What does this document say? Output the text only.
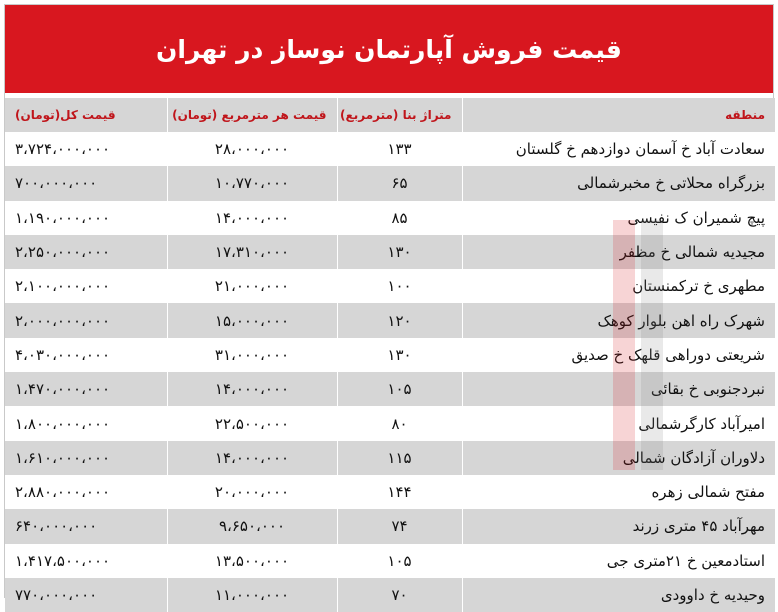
قیمت فروش آپارتمان نوساز در تهران
قیمت کل(تومان)	قیمت هر مترمربع (تومان)	متراژ بنا (مترمربع)	منطقه
۳،۷۲۴،۰۰۰،۰۰۰	۲۸،۰۰۰،۰۰۰	۱۳۳	سعادت آباد خ آسمان دوازدهم خ گلستان
۷۰۰،۰۰۰،۰۰۰	۱۰،۷۷۰،۰۰۰	۶۵	بزرگراه محلاتی خ مخبرشمالی
۱،۱۹۰،۰۰۰،۰۰۰	۱۴،۰۰۰،۰۰۰	۸۵	پیچ شمیران ک نفیسی
۲،۲۵۰،۰۰۰،۰۰۰	۱۷،۳۱۰،۰۰۰	۱۳۰	مجیدیه شمالی خ مظفر
۲،۱۰۰،۰۰۰،۰۰۰	۲۱،۰۰۰،۰۰۰	۱۰۰	مطهری خ ترکمنستان
۲،۰۰۰،۰۰۰،۰۰۰	۱۵،۰۰۰،۰۰۰	۱۲۰	شهرک راه اهن بلوار کوهک
۴،۰۳۰،۰۰۰،۰۰۰	۳۱،۰۰۰،۰۰۰	۱۳۰	شریعتی دوراهی قلهک خ صدیق
۱،۴۷۰،۰۰۰،۰۰۰	۱۴،۰۰۰،۰۰۰	۱۰۵	نبردجنوبی خ بقائی
۱،۸۰۰،۰۰۰،۰۰۰	۲۲،۵۰۰،۰۰۰	۸۰	امیرآباد کارگرشمالی
۱،۶۱۰،۰۰۰،۰۰۰	۱۴،۰۰۰،۰۰۰	۱۱۵	دلاوران آزادگان شمالی
۲،۸۸۰،۰۰۰،۰۰۰	۲۰،۰۰۰،۰۰۰	۱۴۴	مفتح شمالی زهره
۶۴۰،۰۰۰،۰۰۰	۹،۶۵۰،۰۰۰	۷۴	مهرآباد ۴۵ متری زرند
۱،۴۱۷،۵۰۰،۰۰۰	۱۳،۵۰۰،۰۰۰	۱۰۵	استادمعین خ ۲۱متری جی
۷۷۰،۰۰۰،۰۰۰	۱۱،۰۰۰،۰۰۰	۷۰	وحیدیه خ داوودی
